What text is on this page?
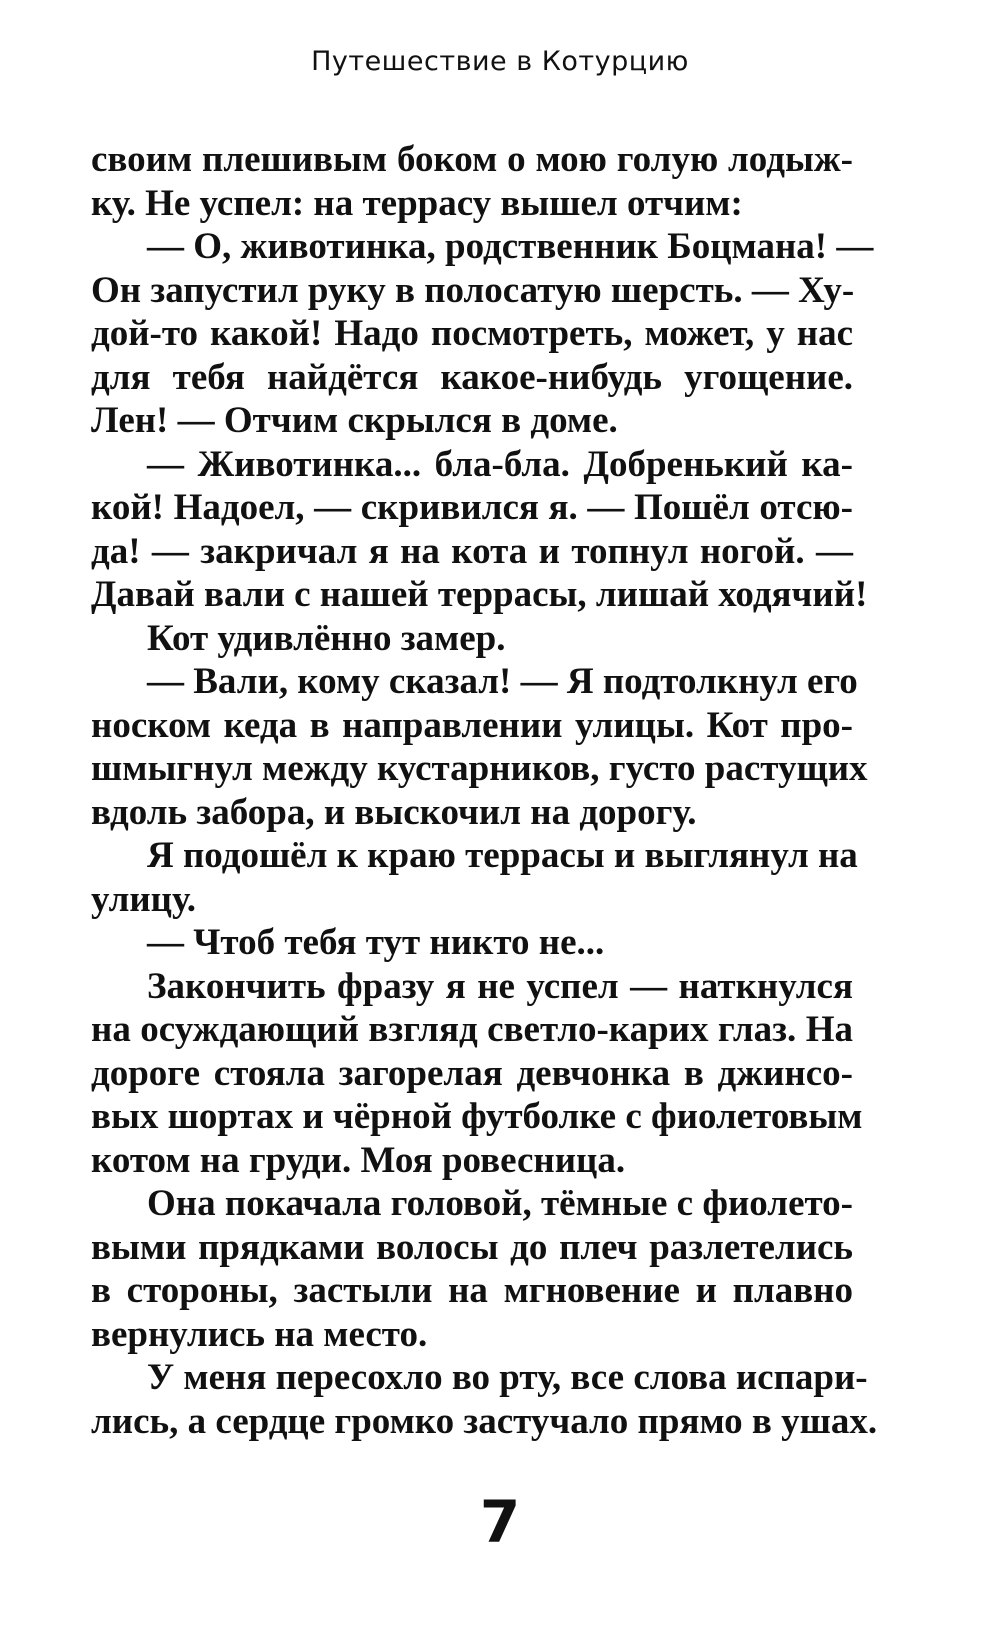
Путешествие в Котурцию
своим плешивым боком о мою голую лодыж-
ку. Не успел: на террасу вышел отчим:
— О, животинка, родственник Боцмана! —
Он запустил руку в полосатую шерсть. — Ху-
дой-то какой! Надо посмотреть, может, у нас
для тебя найдётся какое-нибудь угощение.
Лен! — Отчим скрылся в доме.
— Животинка... бла-бла. Добренький ка-
кой! Надоел, — скривился я. — Пошёл отсю-
да! — закричал я на кота и топнул ногой. —
Давай вали с нашей террасы, лишай ходячий!
Кот удивлённо замер.
— Вали, кому сказал! — Я подтолкнул его
носком кеда в направлении улицы. Кот про-
шмыгнул между кустарников, густо растущих
вдоль забора, и выскочил на дорогу.
Я подошёл к краю террасы и выглянул на
улицу.
— Чтоб тебя тут никто не...
Закончить фразу я не успел — наткнулся
на осуждающий взгляд светло-карих глаз. На
дороге стояла загорелая девчонка в джинсо-
вых шортах и чёрной футболке с фиолетовым
котом на груди. Моя ровесница.
Она покачала головой, тёмные с фиолето-
выми прядками волосы до плеч разлетелись
в стороны, застыли на мгновение и плавно
вернулись на место.
У меня пересохло во рту, все слова испари-
лись, а сердце громко застучало прямо в ушах.
7
